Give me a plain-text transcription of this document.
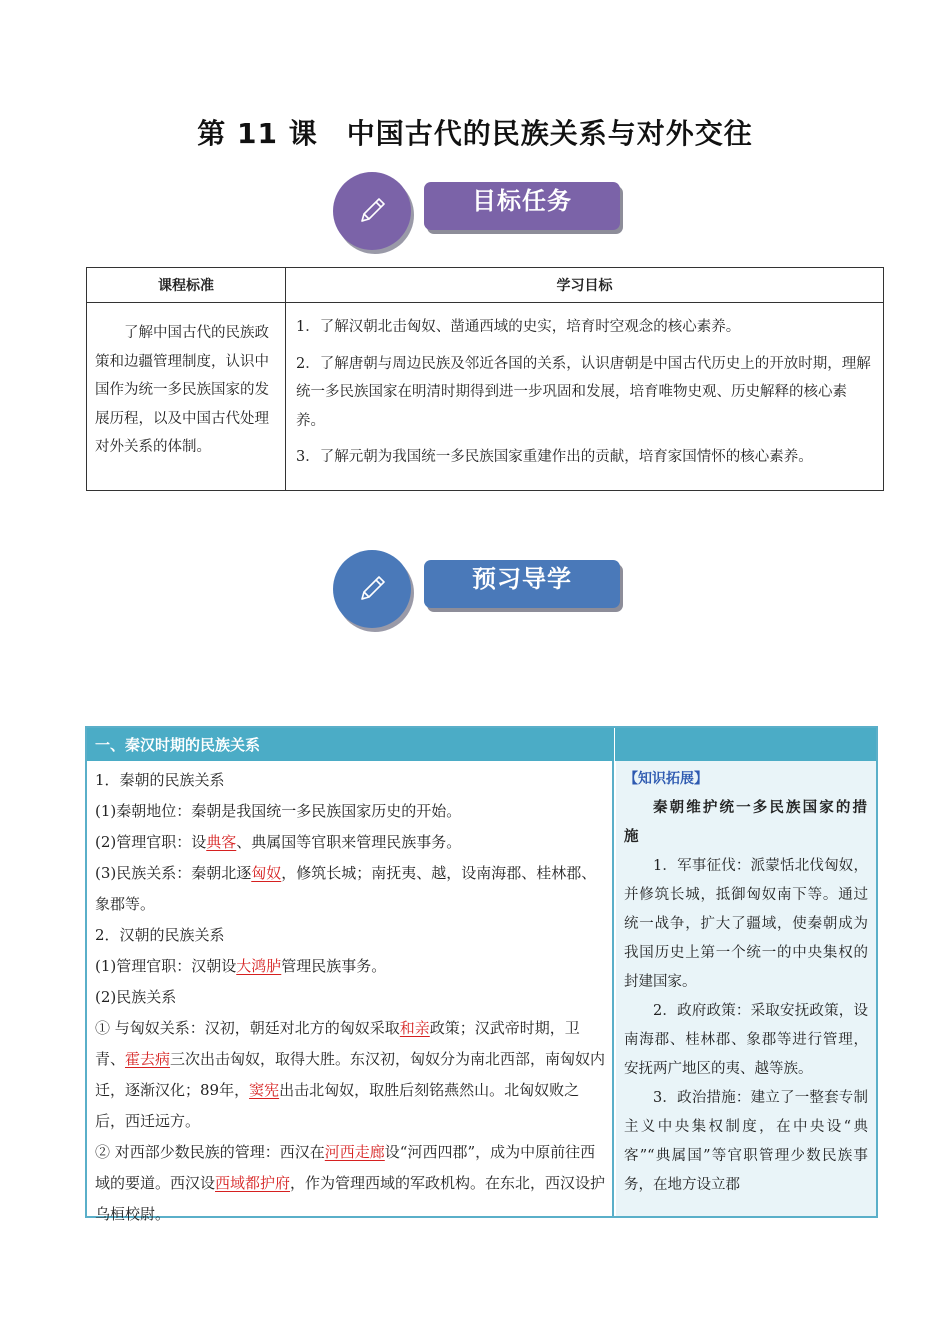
第 11 课　中国古代的民族关系与对外交往
目标任务
课程标准	学习目标
了解中国古代的民族政策和边疆管理制度，认识中国作为统一多民族国家的发展历程，以及中国古代处理对外关系的体制。	1．了解汉朝北击匈奴、凿通西域的史实，培育时空观念的核心素养。

2．了解唐朝与周边民族及邻近各国的关系，认识唐朝是中国古代历史上的开放时期，理解统一多民族国家在明清时期得到进一步巩固和发展，培育唯物史观、历史解释的核心素养。

3．了解元朝为我国统一多民族国家重建作出的贡献，培育家国情怀的核心素养。

预习导学
一、秦汉时期的民族关系

1．秦朝的民族关系

(1)秦朝地位：秦朝是我国统一多民族国家历史的开始。

(2)管理官职：设典客、典属国等官职来管理民族事务。

(3)民族关系：秦朝北逐匈奴，修筑长城；南抚夷、越，设南海郡、桂林郡、象郡等。

2．汉朝的民族关系

(1)管理官职：汉朝设大鸿胪管理民族事务。

(2)民族关系

① 与匈奴关系：汉初，朝廷对北方的匈奴采取和亲政策；汉武帝时期，卫青、霍去病三次出击匈奴，取得大胜。东汉初，匈奴分为南北西部，南匈奴内迁，逐渐汉化；89年，窦宪出击北匈奴，取胜后刻铭燕然山。北匈奴败之后，西迁远方。

② 对西部少数民族的管理：西汉在河西走廊设“河西四郡”，成为中原前往西域的要道。西汉设西域都护府，作为管理西域的军政机构。在东北，西汉设护乌桓校尉。

【知识拓展】

秦朝维护统一多民族国家的措施

1．军事征伐：派蒙恬北伐匈奴，并修筑长城，抵御匈奴南下等。通过统一战争，扩大了疆域，使秦朝成为我国历史上第一个统一的中央集权的封建国家。

2．政府政策：采取安抚政策，设南海郡、桂林郡、象郡等进行管理，安抚两广地区的夷、越等族。

3．政治措施：建立了一整套专制主义中央集权制度，在中央设“典客”“典属国”等官职管理少数民族事务，在地方设立郡
